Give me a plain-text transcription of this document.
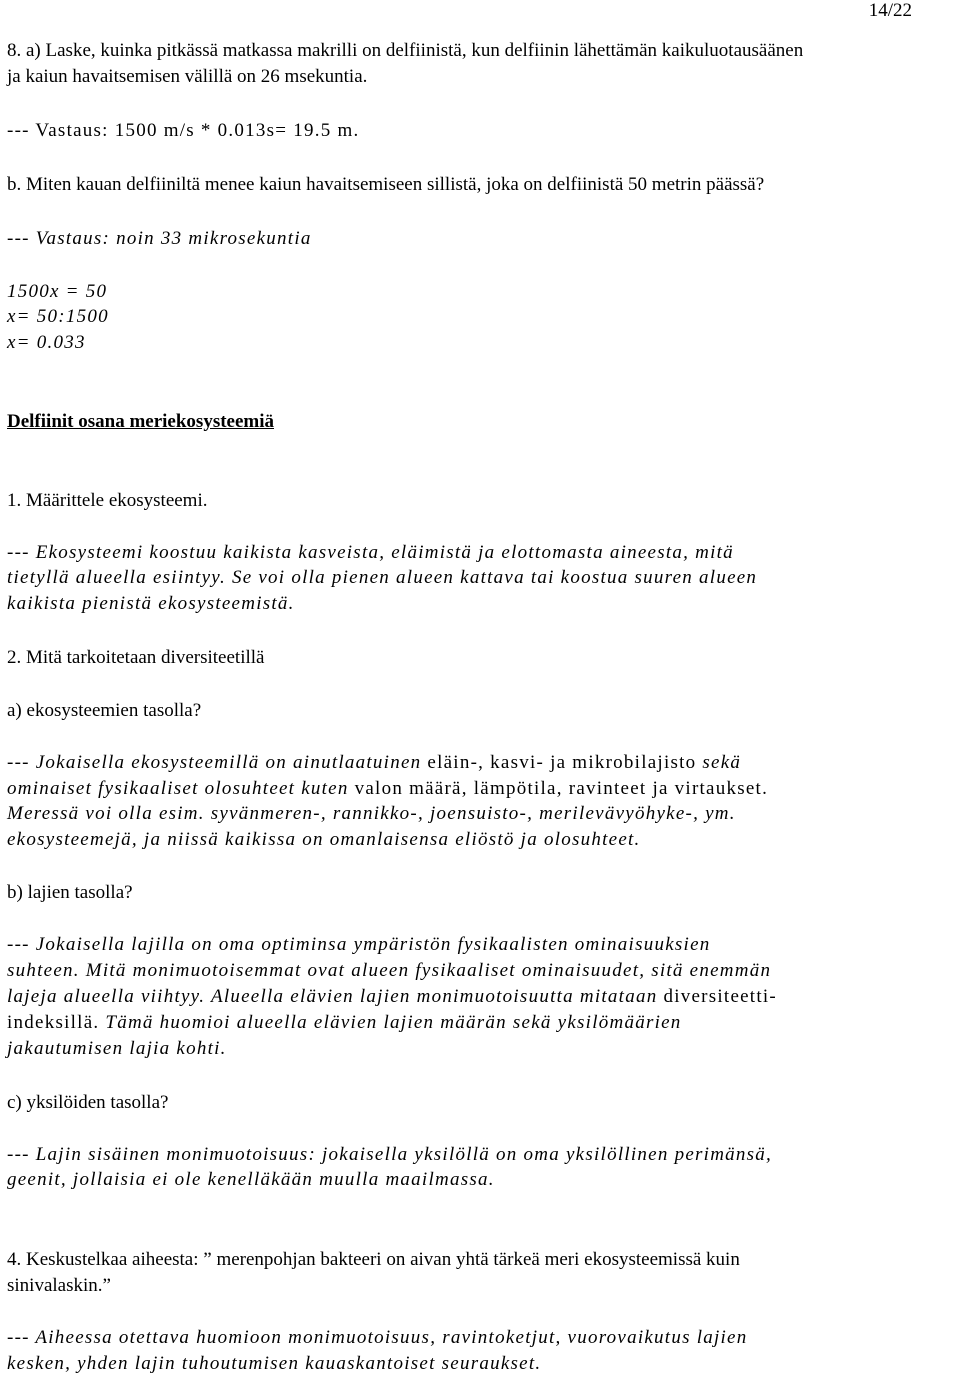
14/22

8. a) Laske, kuinka pitkässä matkassa makrilli on delfiinistä, kun delfiinin lähettämän kaikuluotausäänen

ja kaiun havaitsemisen välillä on 26 msekuntia.

--- Vastaus: 1500 m/s * 0.013s= 19.5 m.

b. Miten kauan delfiiniltä menee kaiun havaitsemiseen sillistä, joka on delfiinistä 50 metrin päässä?

--- Vastaus: noin 33 mikrosekuntia

1500x = 50

x= 50:1500

x= 0.033

Delfiinit osana meriekosysteemiä

1. Määrittele ekosysteemi.

--- Ekosysteemi koostuu kaikista kasveista, eläimistä ja elottomasta aineesta, mitä

tietyllä alueella esiintyy. Se voi olla pienen alueen kattava tai koostua suuren alueen

kaikista pienistä ekosysteemistä.

2. Mitä tarkoitetaan diversiteetillä

a) ekosysteemien tasolla?

--- Jokaisella ekosysteemillä on ainutlaatuinen eläin-, kasvi- ja mikrobilajisto sekä

ominaiset fysikaaliset olosuhteet kuten valon määrä, lämpötila, ravinteet ja virtaukset.

Meressä voi olla esim. syvänmeren-, rannikko-, joensuisto-, merilevävyöhyke-, ym.

ekosysteemejä, ja niissä kaikissa on omanlaisensa eliöstö ja olosuhteet.

b) lajien tasolla?

--- Jokaisella lajilla on oma optiminsa ympäristön fysikaalisten ominaisuuksien

suhteen. Mitä monimuotoisemmat ovat alueen fysikaaliset ominaisuudet, sitä enemmän

lajeja alueella viihtyy. Alueella elävien lajien monimuotoisuutta mitataan diversiteetti-

indeksillä. Tämä huomioi alueella elävien lajien määrän sekä yksilömäärien

jakautumisen lajia kohti.

c) yksilöiden tasolla?

--- Lajin sisäinen monimuotoisuus: jokaisella yksilöllä on oma yksilöllinen perimänsä,

geenit, jollaisia ei ole kenelläkään muulla maailmassa.

4. Keskustelkaa aiheesta: ” merenpohjan bakteeri on aivan yhtä tärkeä meri ekosysteemissä kuin

sinivalaskin.”

--- Aiheessa otettava huomioon monimuotoisuus, ravintoketjut, vuorovaikutus lajien

kesken, yhden lajin tuhoutumisen kauaskantoiset seuraukset.
